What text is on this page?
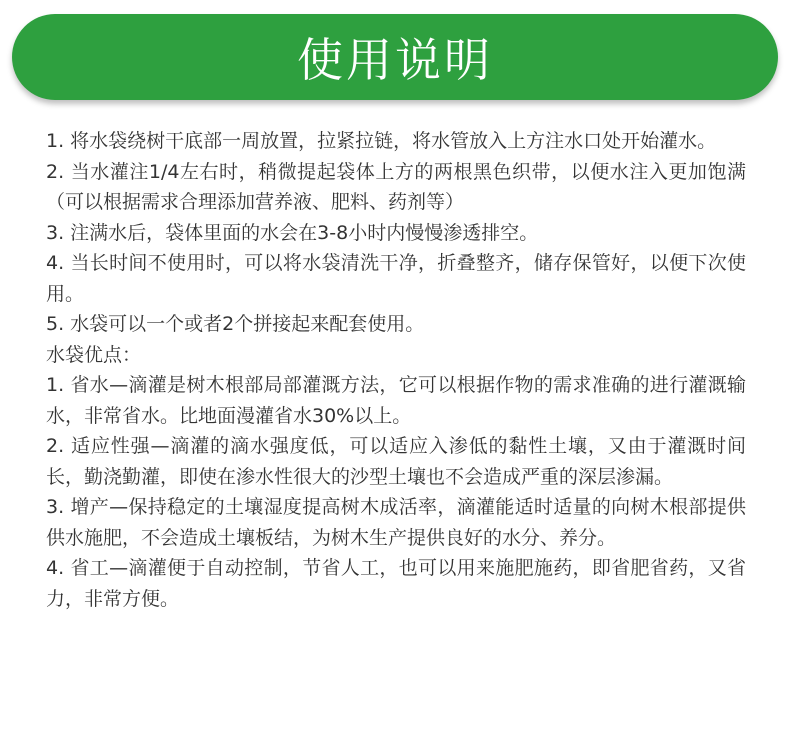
使用说明

1. 将水袋绕树干底部一周放置，拉紧拉链，将水管放入上方注水口处开始灌水。

2. 当水灌注1/4左右时，稍微提起袋体上方的两根黑色织带，以便水注入更加饱满（可以根据需求合理添加营养液、肥料、药剂等）

3. 注满水后，袋体里面的水会在3-8小时内慢慢渗透排空。

4. 当长时间不使用时，可以将水袋清洗干净，折叠整齐，储存保管好，以便下次使用。

5. 水袋可以一个或者2个拼接起来配套使用。

水袋优点：

1. 省水—滴灌是树木根部局部灌溉方法，它可以根据作物的需求准确的进行灌溉输水，非常省水。比地面漫灌省水30%以上。

2. 适应性强—滴灌的滴水强度低，可以适应入渗低的黏性土壤，又由于灌溉时间长，勤浇勤灌，即使在渗水性很大的沙型土壤也不会造成严重的深层渗漏。

3. 增产—保持稳定的土壤湿度提高树木成活率，滴灌能适时适量的向树木根部提供供水施肥，不会造成土壤板结，为树木生产提供良好的水分、养分。

4. 省工—滴灌便于自动控制，节省人工，也可以用来施肥施药，即省肥省药，又省力，非常方便。
